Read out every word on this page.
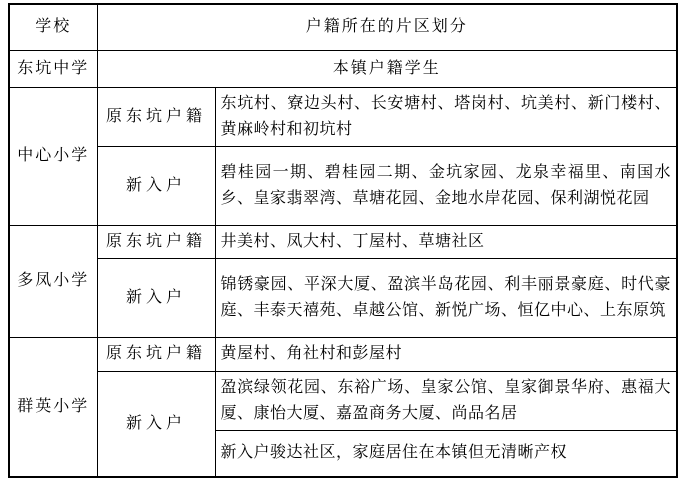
学校	户籍所在的片区划分	
东坑中学	本镇户籍学生	
中心小学	原东坑户籍	东坑村、寮边头村、长安塘村、塔岗村、坑美村、新门楼村、黄麻岭村和初坑村
	新入户	碧桂园一期、碧桂园二期、金坑家园、龙泉幸福里、南国水乡、皇家翡翠湾、草塘花园、金地水岸花园、保利湖悦花园
多凤小学	原东坑户籍	井美村、凤大村、丁屋村、草塘社区
	新入户	锦锈豪园、平深大厦、盈滨半岛花园、利丰丽景豪庭、时代豪庭、丰泰天禧苑、卓越公馆、新悦广场、恒亿中心、上东原筑
群英小学	原东坑户籍	黄屋村、角社村和彭屋村
	新入户	盈滨绿领花园、东裕广场、皇家公馆、皇家御景华府、惠福大厦、康怡大厦、嘉盈商务大厦、尚品名居
		新入户骏达社区，家庭居住在本镇但无清晰产权
